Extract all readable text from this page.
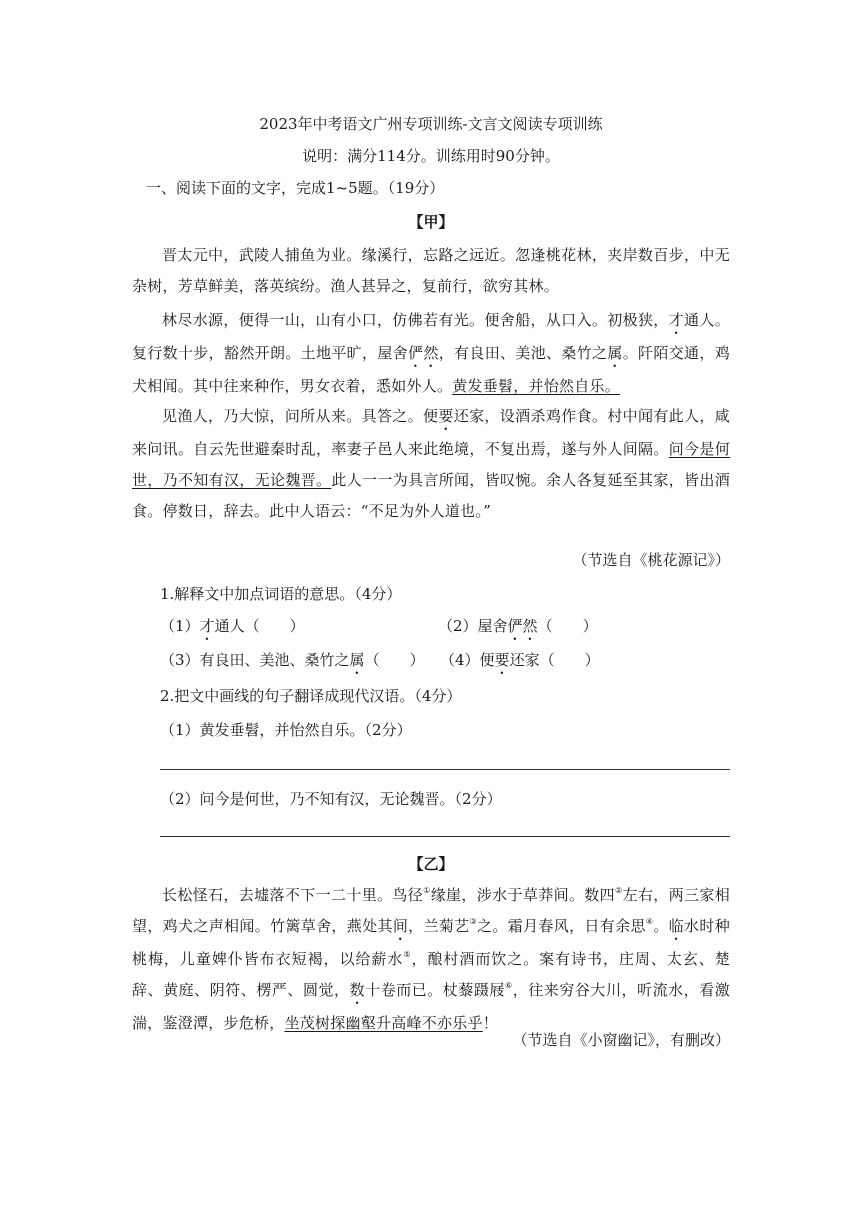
2023年中考语文广州专项训练-文言文阅读专项训练
说明：满分114分。训练用时90分钟。
一、阅读下面的文字，完成1~5题。（19分）
【甲】
晋太元中，武陵人捕鱼为业。缘溪行，忘路之远近。忽逢桃花林，夹岸数百步，中无杂树，芳草鲜美，落英缤纷。渔人甚异之，复前行，欲穷其林。
林尽水源，便得一山，山有小口，仿佛若有光。便舍船，从口入。初极狭，才通人。复行数十步，豁然开朗。土地平旷，屋舍俨然，有良田、美池、桑竹之属。阡陌交通，鸡犬相闻。其中往来种作，男女衣着，悉如外人。黄发垂髫，并怡然自乐。
见渔人，乃大惊，问所从来。具答之。便要还家，设酒杀鸡作食。村中闻有此人，咸来问讯。自云先世避秦时乱，率妻子邑人来此绝境，不复出焉，遂与外人间隔。问今是何世，乃不知有汉，无论魏晋。此人一一为具言所闻，皆叹惋。余人各复延至其家，皆出酒食。停数日，辞去。此中人语云：“不足为外人道也。”
（节选自《桃花源记》）
1.解释文中加点词语的意思。（4分）
（1）才通人（　　）	（2）屋舍俨然（　　）
（3）有良田、美池、桑竹之属（　　） （4）便要还家（　　）
2.把文中画线的句子翻译成现代汉语。（4分）
（1）黄发垂髫，并怡然自乐。（2分）
（2）问今是何世，乃不知有汉，无论魏晋。（2分）
【乙】
长松怪石，去墟落不下一二十里。鸟径①缘崖，涉水于草莽间。数四②左右，两三家相望，鸡犬之声相闻。竹篱草舍，燕处其间，兰菊艺③之。霜月春风，日有余思④。临水时种桃梅，儿童婢仆皆布衣短褐，以给薪水⑤，酿村酒而饮之。案有诗书，庄周、太玄、楚辞、黄庭、阴符、楞严、圆觉，数十卷而已。杖藜蹑屐⑥，往来穷谷大川，听流水，看激湍，鉴澄潭，步危桥，坐茂树探幽壑升高峰不亦乐乎！
（节选自《小窗幽记》，有删改）
